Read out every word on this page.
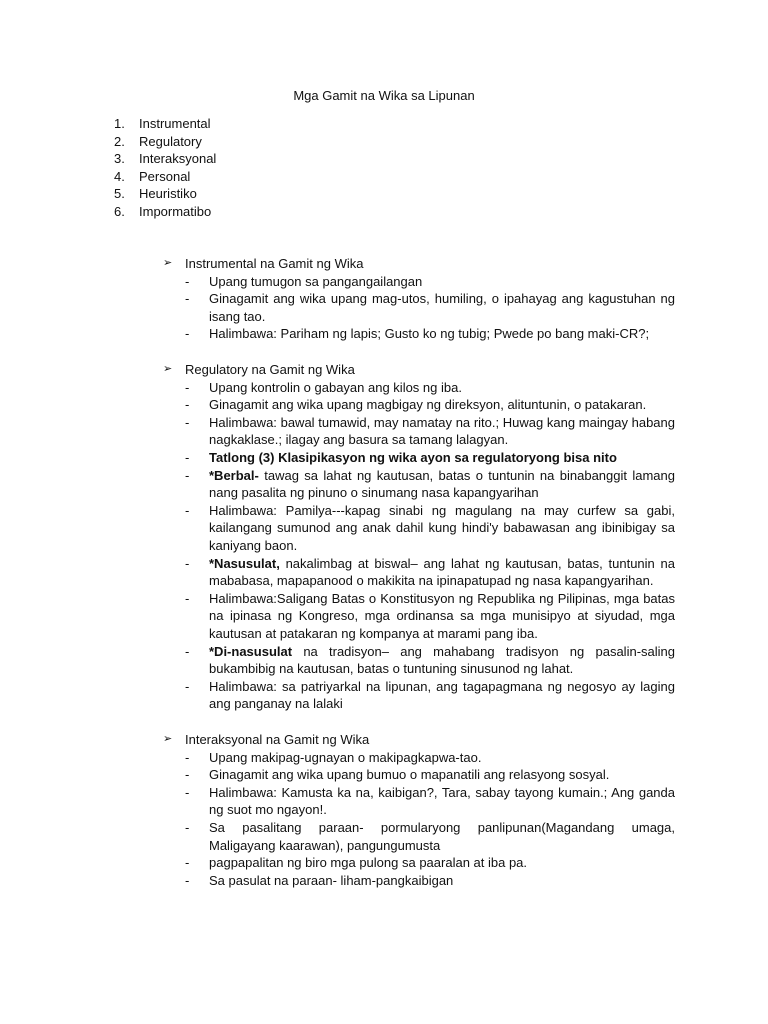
Mga Gamit na Wika sa Lipunan
1.	Instrumental
2.	Regulatory
3.	Interaksyonal
4.	Personal
5.	Heuristiko
6.	Impormatibo
➢ Instrumental na Gamit ng Wika
-	Upang tumugon sa pangangailangan
-	Ginagamit ang wika upang mag-utos, humiling, o ipahayag ang kagustuhan ng isang tao.
-	Halimbawa: Pariham ng lapis; Gusto ko ng tubig; Pwede po bang maki-CR?;
➢ Regulatory na Gamit ng Wika
-	Upang kontrolin o gabayan ang kilos ng iba.
-	Ginagamit ang wika upang magbigay ng direksyon, alituntunin, o patakaran.
-	Halimbawa: bawal tumawid, may namatay na rito.; Huwag kang maingay habang nagkaklase.; ilagay ang basura sa tamang lalagyan.
-	Tatlong (3) Klasipikasyon ng wika ayon sa regulatoryong bisa nito
-	*Berbal- tawag sa lahat ng kautusan, batas o tuntunin na binabanggit lamang nang pasalita ng pinuno o sinumang nasa kapangyarihan
-	Halimbawa: Pamilya---kapag sinabi ng magulang na may curfew sa gabi, kailangang sumunod ang anak dahil kung hindi'y babawasan ang ibinibigay sa kaniyang baon.
-	*Nasusulat, nakalimbag at biswal– ang lahat ng kautusan, batas, tuntunin na mababasa, mapapanood o makikita na ipinapatupad ng nasa kapangyarihan.
-	Halimbawa:Saligang Batas o Konstitusyon ng Republika ng Pilipinas, mga batas na ipinasa ng Kongreso, mga ordinansa sa mga munisipyo at siyudad, mga kautusan at patakaran ng kompanya at marami pang iba.
-	*Di-nasusulat na tradisyon– ang mahabang tradisyon ng pasalin-saling bukambibig na kautusan, batas o tuntuning sinusunod ng lahat.
-	Halimbawa: sa patriyarkal na lipunan, ang tagapagmana ng negosyo ay laging ang panganay na lalaki
➢ Interaksyonal na Gamit ng Wika
-	Upang makipag-ugnayan o makipagkapwa-tao.
-	Ginagamit ang wika upang bumuo o mapanatili ang relasyong sosyal.
-	Halimbawa: Kamusta ka na, kaibigan?, Tara, sabay tayong kumain.; Ang ganda ng suot mo ngayon!.
-	Sa pasalitang paraan- pormularyong panlipunan(Magandang umaga, Maligayang kaarawan), pangungumusta
-	pagpapalitan ng biro mga pulong sa paaralan at iba pa.
-	Sa pasulat na paraan- liham-pangkaibigan
